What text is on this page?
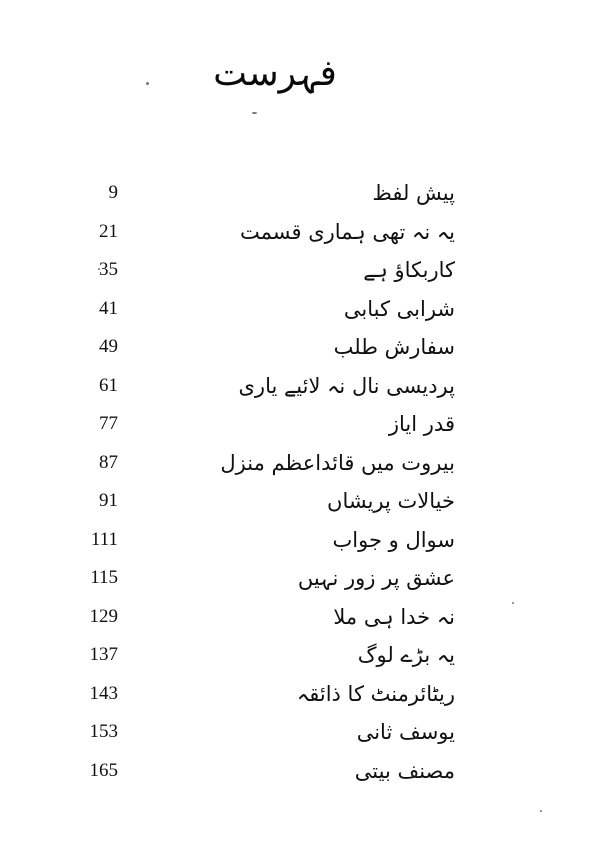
فہرست
9	پیش لفظ
21	یہ نہ تھی ہماری قسمت
35	کاربکاؤ ہے
41	شرابی کبابی
49	سفارش طلب
61	پردیسی نال نہ لائیے یاری
77	قدر ایاز
87	بیروت میں قائداعظم منزل
91	خیالات پریشاں
111	سوال و جواب
115	عشق پر زور نہیں
129	نہ خدا ہی ملا
137	یہ بڑے لوگ
143	ریٹائرمنٹ کا ذائقہ
153	یوسف ثانی
165	مصنف بیتی
